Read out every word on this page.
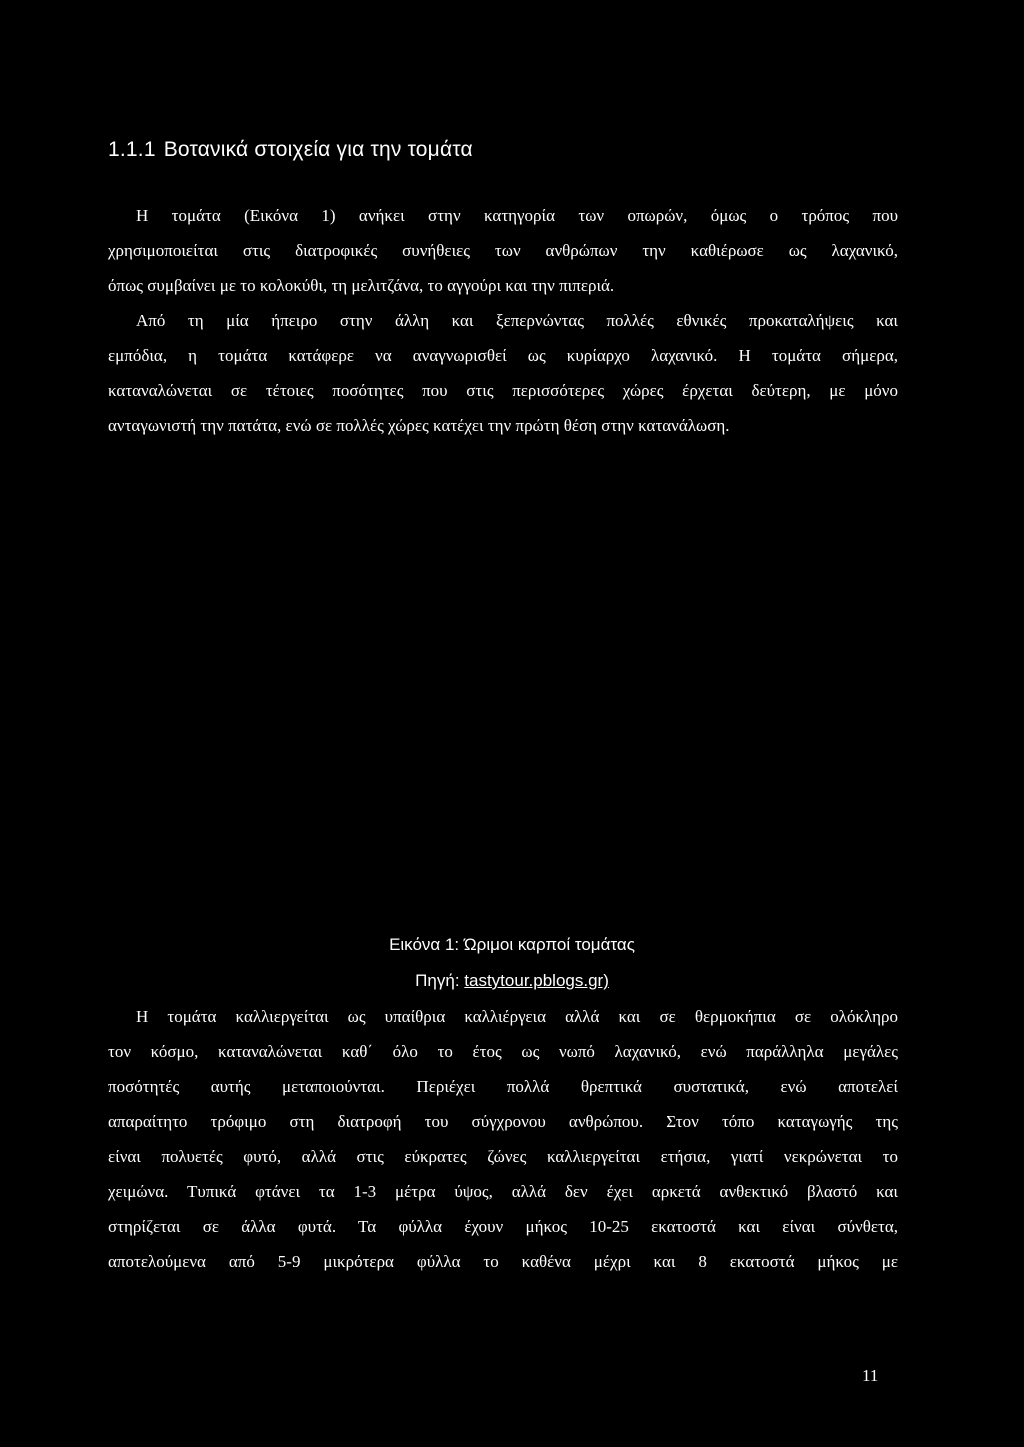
1.1.1 Βοτανικά στοιχεία για την τομάτα
Η τομάτα (Εικόνα 1) ανήκει στην κατηγορία των οπωρών, όμως ο τρόπος που
χρησιμοποιείται στις διατροφικές συνήθειες των ανθρώπων την καθιέρωσε ως λαχανικό,
όπως συμβαίνει με το κολοκύθι, τη μελιτζάνα, το αγγούρι και την πιπεριά.
Από τη μία ήπειρο στην άλλη και ξεπερνώντας πολλές εθνικές προκαταλήψεις και
εμπόδια, η τομάτα κατάφερε να αναγνωρισθεί ως κυρίαρχο λαχανικό. Η τομάτα σήμερα,
καταναλώνεται σε τέτοιες ποσότητες που στις περισσότερες χώρες έρχεται δεύτερη, με μόνο
ανταγωνιστή την πατάτα, ενώ σε πολλές χώρες κατέχει την πρώτη θέση στην κατανάλωση.
Εικόνα 1: Ώριμοι καρποί τομάτας
Πηγή: tastytour.pblogs.gr)
Η τομάτα καλλιεργείται ως υπαίθρια καλλιέργεια αλλά και σε θερμοκήπια σε ολόκληρο
τον κόσμο, καταναλώνεται καθ΄ όλο το έτος ως νωπό λαχανικό, ενώ παράλληλα μεγάλες
ποσότητές αυτής μεταποιούνται. Περιέχει πολλά θρεπτικά συστατικά, ενώ αποτελεί
απαραίτητο τρόφιμο στη διατροφή του σύγχρονου ανθρώπου. Στον τόπο καταγωγής της
είναι πολυετές φυτό, αλλά στις εύκρατες ζώνες καλλιεργείται ετήσια, γιατί νεκρώνεται το
χειμώνα. Τυπικά φτάνει τα 1-3 μέτρα ύψος, αλλά δεν έχει αρκετά ανθεκτικό βλαστό και
στηρίζεται σε άλλα φυτά. Τα φύλλα έχουν μήκος 10-25 εκατοστά και είναι σύνθετα,
αποτελούμενα από 5-9 μικρότερα φύλλα το καθένα μέχρι και 8 εκατοστά μήκος με
11
